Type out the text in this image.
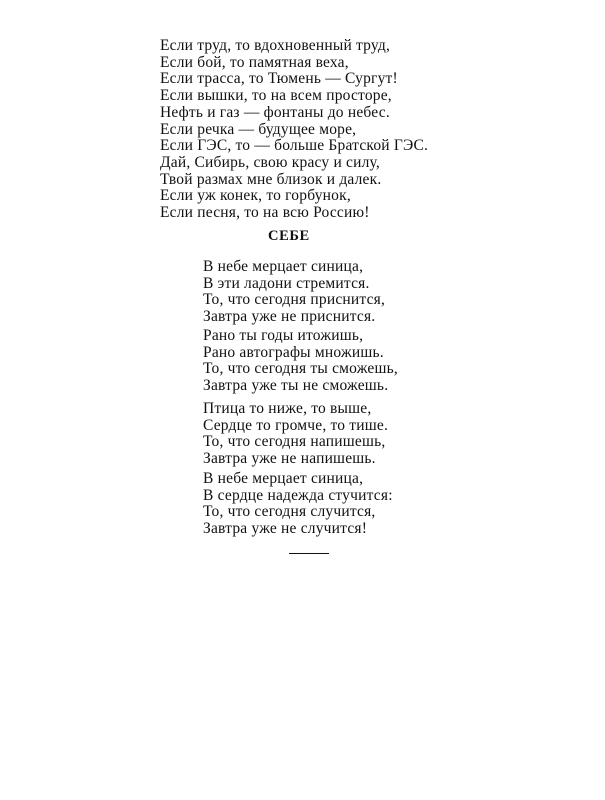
Если труд, то вдохновенный труд,
Если бой, то памятная веха,
Если трасса, то Тюмень — Сургут!
Если вышки, то на всем просторе,
Нефть и газ — фонтаны до небес.
Если речка — будущее море,
Если ГЭС, то — больше Братской ГЭС.
Дай, Сибирь, свою красу и силу,
Твой размах мне близок и далек.
Если уж конек, то горбунок,
Если песня, то на всю Россию!
СЕБЕ
В небе мерцает синица,
В эти ладони стремится.
То, что сегодня приснится,
Завтра уже не приснится.
Рано ты годы итожишь,
Рано автографы множишь.
То, что сегодня ты сможешь,
Завтра уже ты не сможешь.
Птица то ниже, то выше,
Сердце то громче, то тише.
То, что сегодня напишешь,
Завтра уже не напишешь.
В небе мерцает синица,
В сердце надежда стучится:
То, что сегодня случится,
Завтра уже не случится!
